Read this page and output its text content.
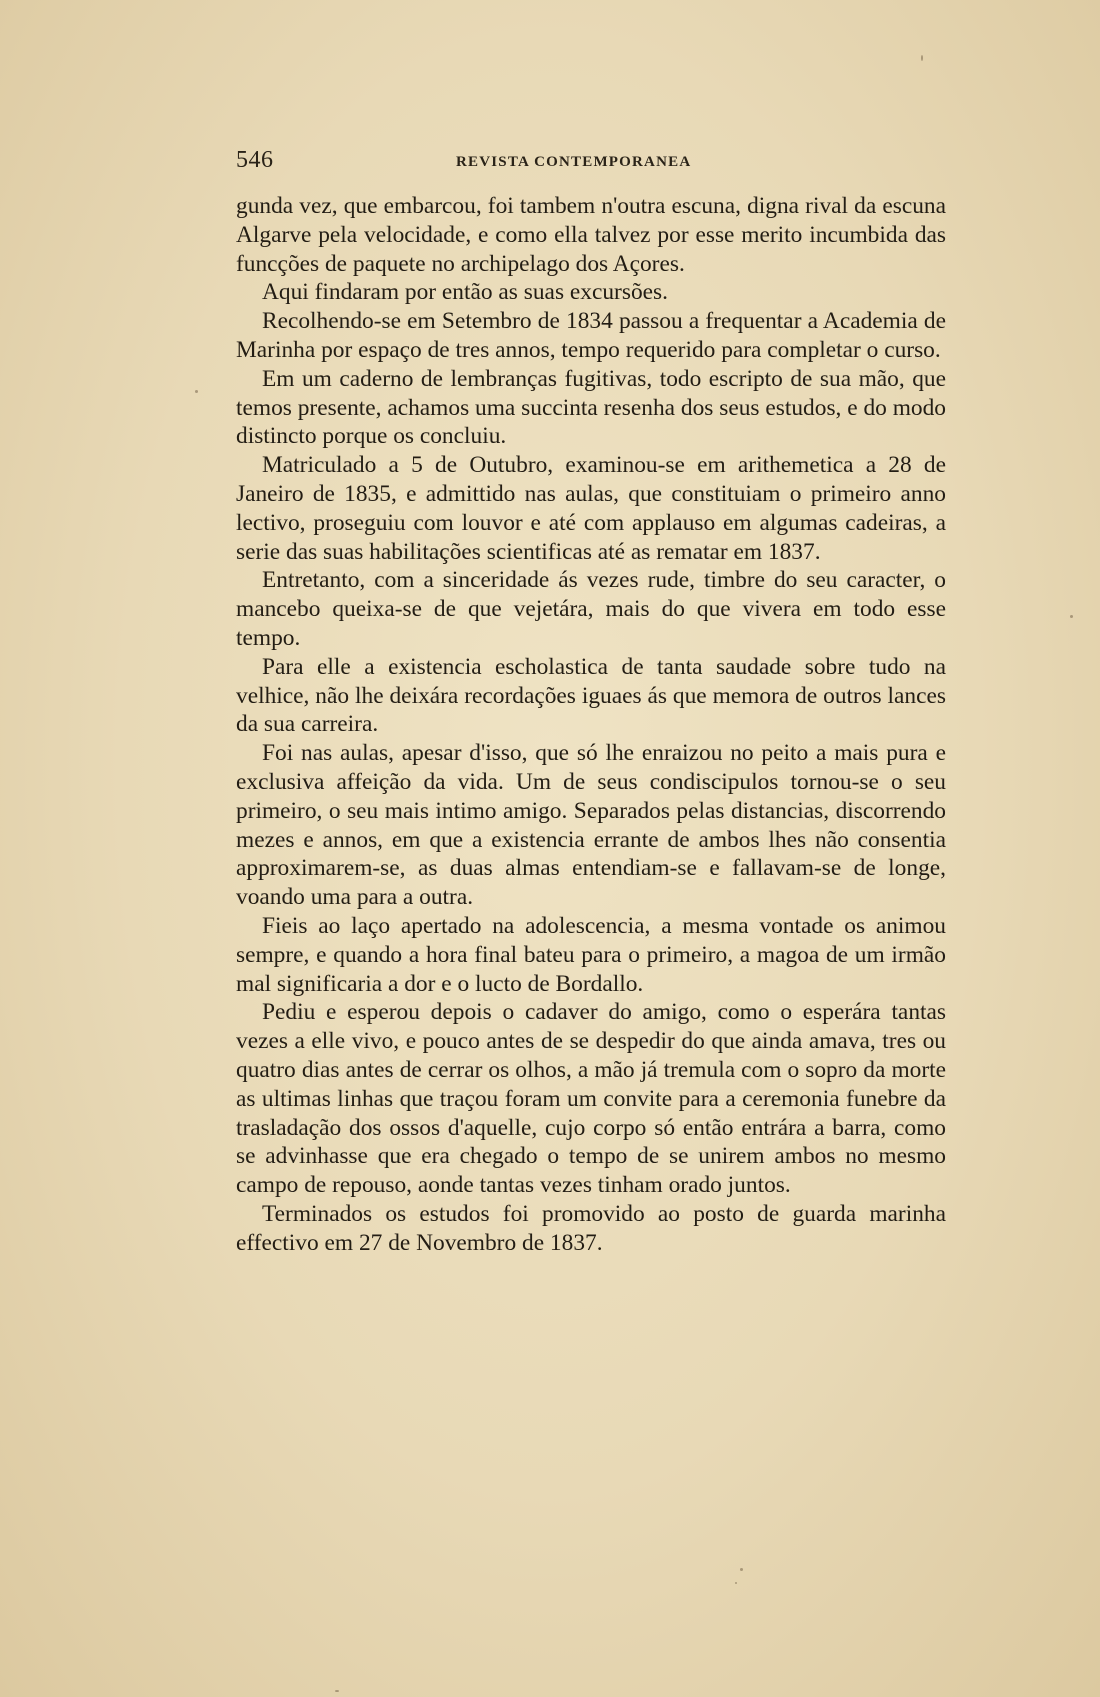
546	REVISTA CONTEMPORANEA

gunda vez, que embarcou, foi tambem n'outra escuna, digna rival da escuna Algarve pela velocidade, e como ella talvez por esse merito incumbida das funcções de paquete no archipelago dos Açores.

Aqui findaram por então as suas excursões.

Recolhendo-se em Setembro de 1834 passou a frequentar a Academia de Marinha por espaço de tres annos, tempo requerido para completar o curso.

Em um caderno de lembranças fugitivas, todo escripto de sua mão, que temos presente, achamos uma succinta resenha dos seus estudos, e do modo distincto porque os concluiu.

Matriculado a 5 de Outubro, examinou-se em arithemetica a 28 de Janeiro de 1835, e admittido nas aulas, que constituiam o primeiro anno lectivo, proseguiu com louvor e até com applauso em algumas cadeiras, a serie das suas habilitações scientificas até as rematar em 1837.

Entretanto, com a sinceridade ás vezes rude, timbre do seu caracter, o mancebo queixa-se de que vejetára, mais do que vivera em todo esse tempo.

Para elle a existencia escholastica de tanta saudade sobre tudo na velhice, não lhe deixára recordações iguaes ás que memora de outros lances da sua carreira.

Foi nas aulas, apesar d'isso, que só lhe enraizou no peito a mais pura e exclusiva affeição da vida. Um de seus condiscipulos tornou-se o seu primeiro, o seu mais intimo amigo. Separados pelas distancias, discorrendo mezes e annos, em que a existencia errante de ambos lhes não consentia approximarem-se, as duas almas entendiam-se e fallavam-se de longe, voando uma para a outra.

Fieis ao laço apertado na adolescencia, a mesma vontade os animou sempre, e quando a hora final bateu para o primeiro, a magoa de um irmão mal significaria a dor e o lucto de Bordallo.

Pediu e esperou depois o cadaver do amigo, como o esperára tantas vezes a elle vivo, e pouco antes de se despedir do que ainda amava, tres ou quatro dias antes de cerrar os olhos, a mão já tremula com o sopro da morte as ultimas linhas que traçou foram um convite para a ceremonia funebre da trasladação dos ossos d'aquelle, cujo corpo só então entrára a barra, como se advinhasse que era chegado o tempo de se unirem ambos no mesmo campo de repouso, aonde tantas vezes tinham orado juntos.

Terminados os estudos foi promovido ao posto de guarda marinha effectivo em 27 de Novembro de 1837.
